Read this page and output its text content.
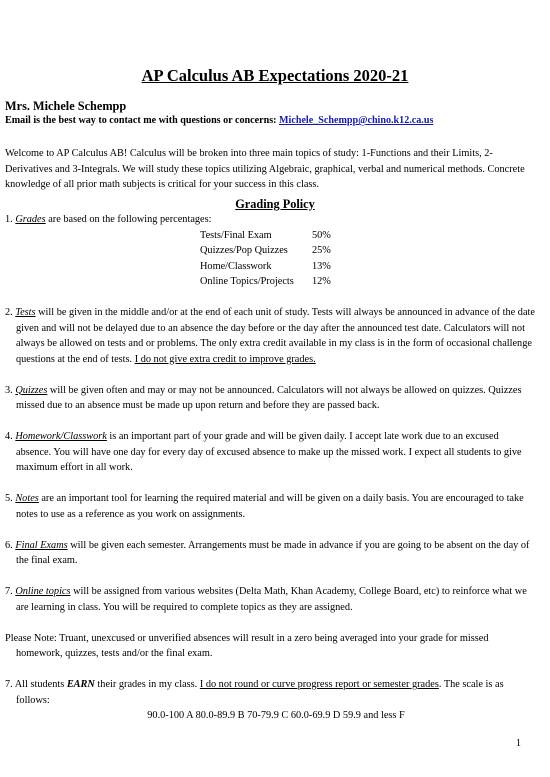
AP Calculus AB Expectations 2020-21
Mrs. Michele Schempp
Email is the best way to contact me with questions or concerns: Michele_Schempp@chino.k12.ca.us
Welcome to AP Calculus AB! Calculus will be broken into three main topics of study: 1-Functions and their Limits, 2-Derivatives and 3-Integrals. We will study these topics utilizing Algebraic, graphical, verbal and numerical methods. Concrete knowledge of all prior math subjects is critical for your success in this class.
Grading Policy
1. Grades are based on the following percentages:
Tests/Final Exam	50%
Quizzes/Pop Quizzes	25%
Home/Classwork	13%
Online Topics/Projects	12%
2. Tests will be given in the middle and/or at the end of each unit of study. Tests will always be announced in advance of the date given and will not be delayed due to an absence the day before or the day after the announced test date. Calculators will not always be allowed on tests and or problems. The only extra credit available in my class is in the form of occasional challenge questions at the end of tests. I do not give extra credit to improve grades.
3. Quizzes will be given often and may or may not be announced. Calculators will not always be allowed on quizzes. Quizzes missed due to an absence must be made up upon return and before they are passed back.
4. Homework/Classwork is an important part of your grade and will be given daily. I accept late work due to an excused absence. You will have one day for every day of excused absence to make up the missed work. I expect all students to give maximum effort in all work.
5. Notes are an important tool for learning the required material and will be given on a daily basis. You are encouraged to take notes to use as a reference as you work on assignments.
6. Final Exams will be given each semester. Arrangements must be made in advance if you are going to be absent on the day of the final exam.
7. Online topics will be assigned from various websites (Delta Math, Khan Academy, College Board, etc) to reinforce what we are learning in class. You will be required to complete topics as they are assigned.
Please Note: Truant, unexcused or unverified absences will result in a zero being averaged into your grade for missed homework, quizzes, tests and/or the final exam.
7. All students EARN their grades in my class. I do not round or curve progress report or semester grades. The scale is as follows:
90.0-100 A 80.0-89.9 B 70-79.9 C 60.0-69.9 D 59.9 and less F
1
